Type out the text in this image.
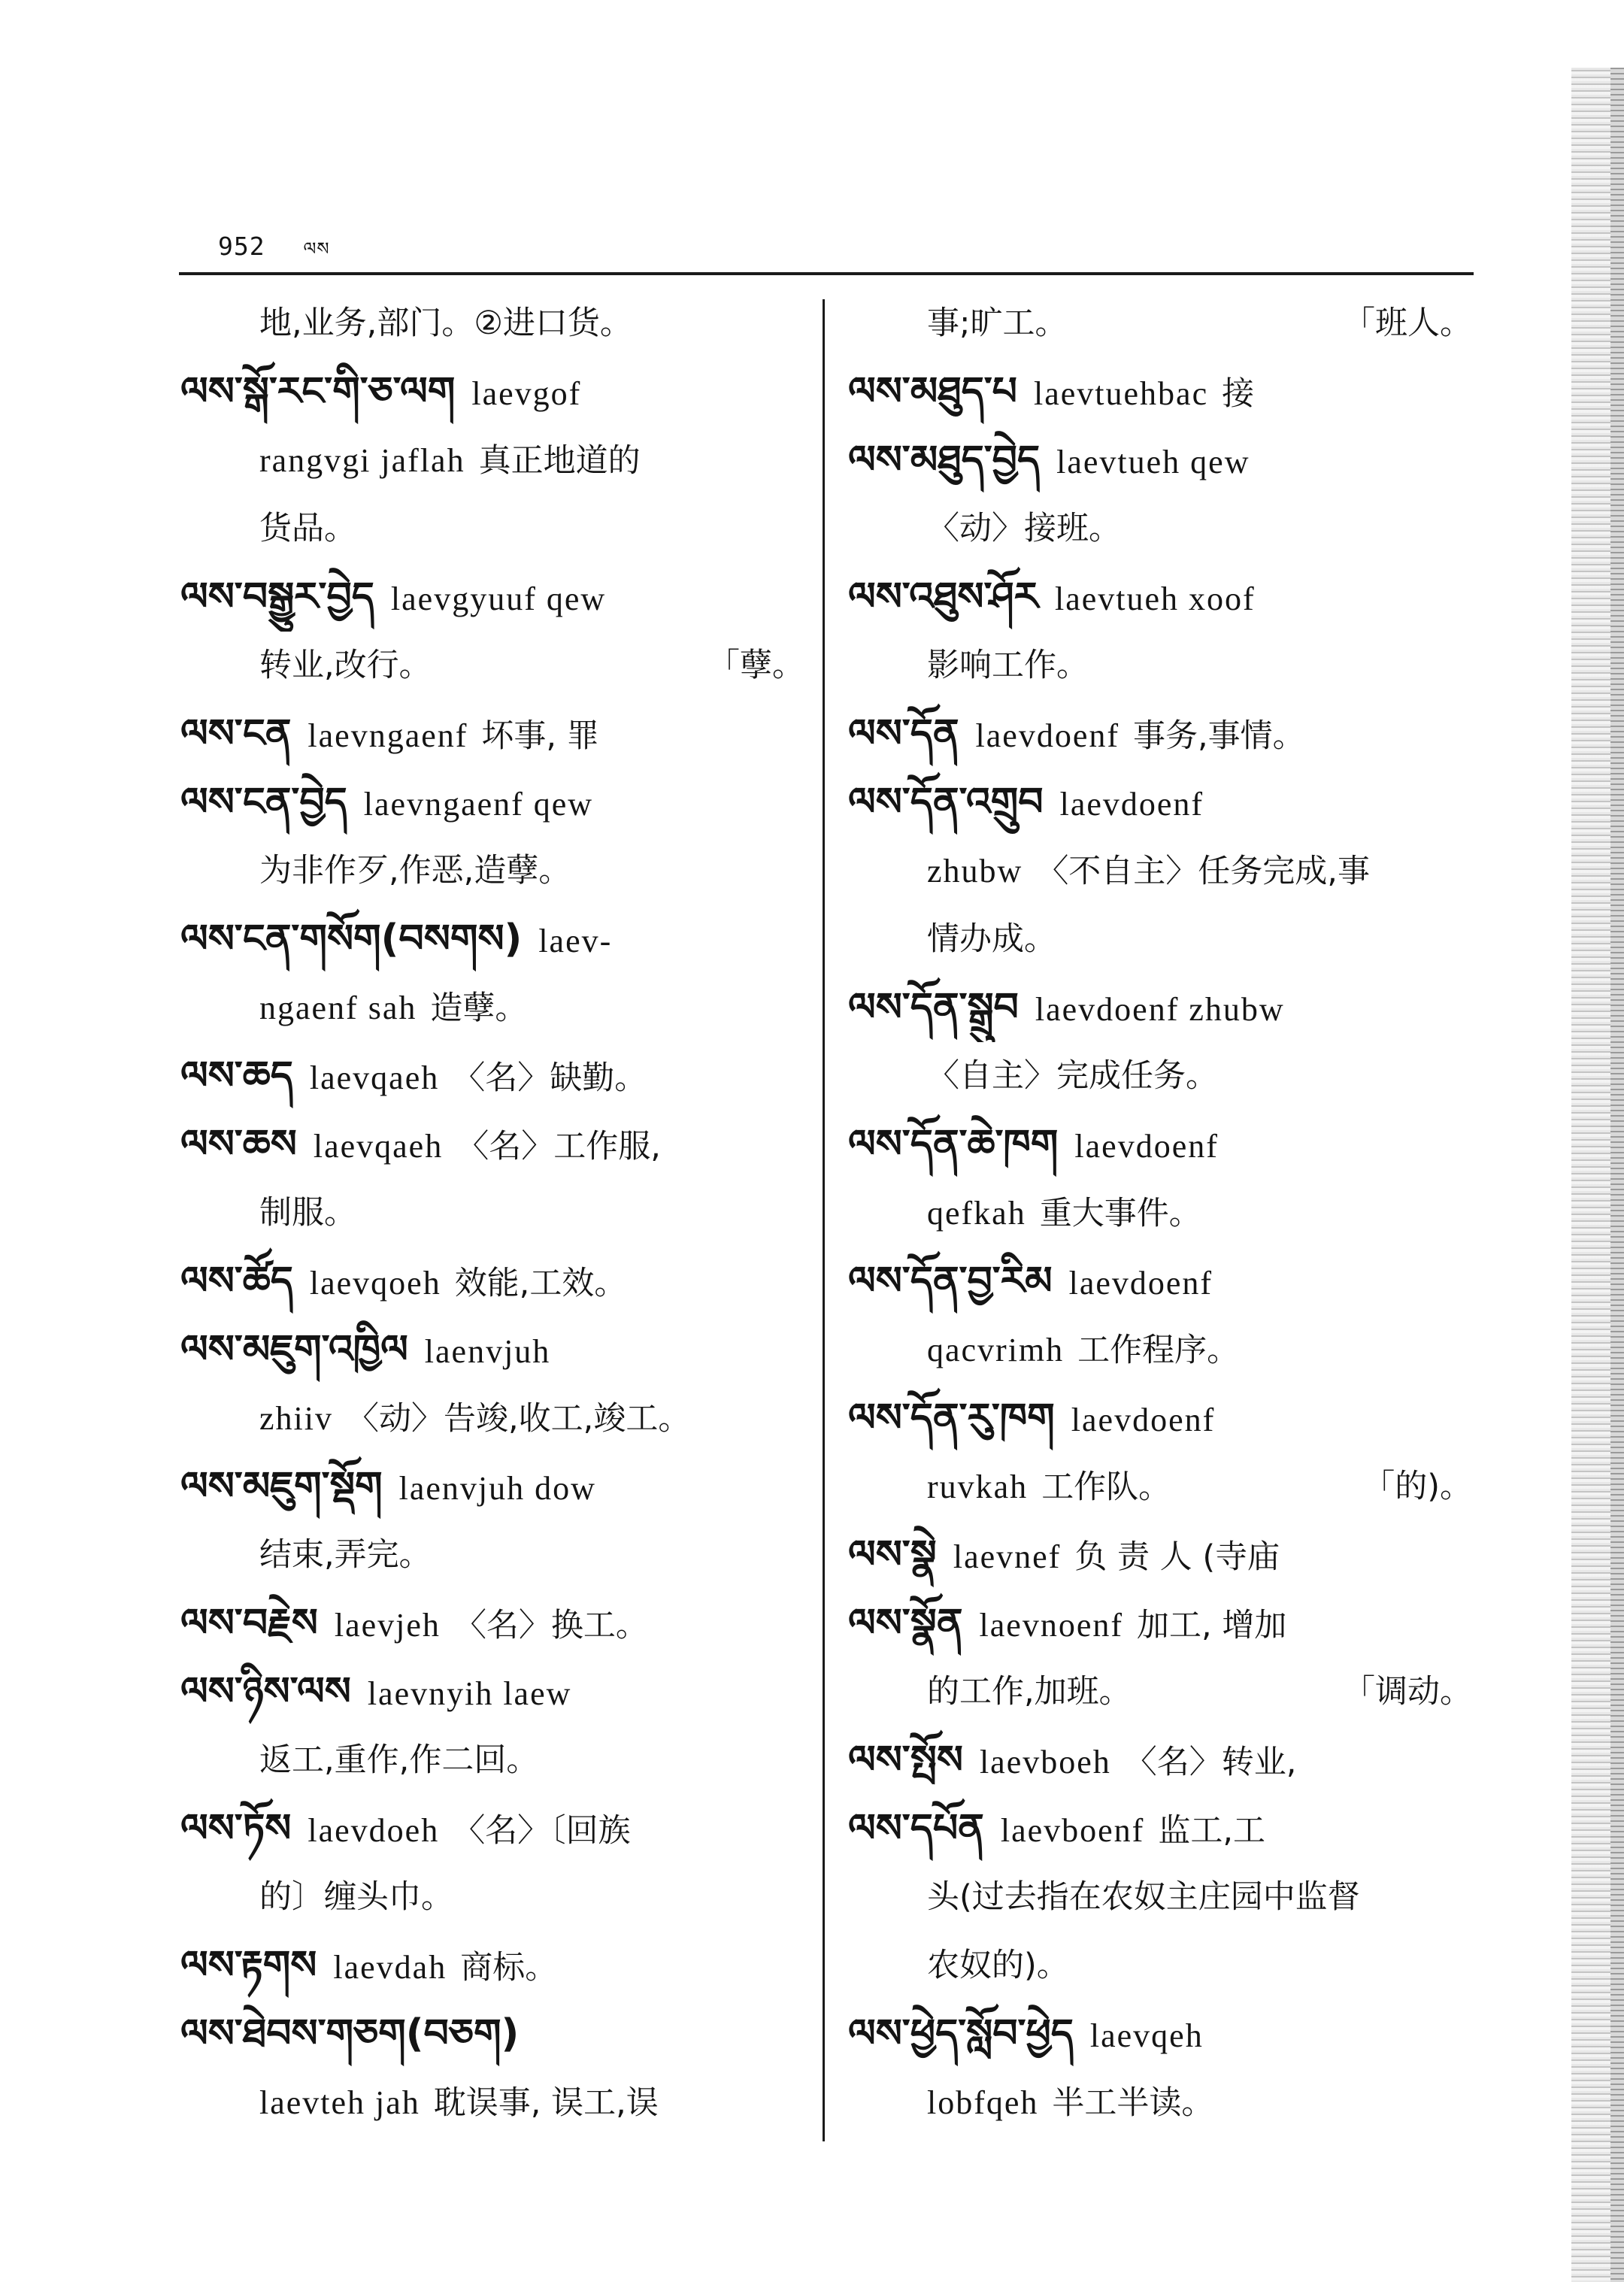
952 ལས
地,业务,部门。②进口货。
ལས་སྒོ་རང་གི་ཅ་ལག laevgof
rangvgi jaflah 真正地道的
货品。
ལས་བསྒྱུར་བྱེད laevgyuuf qew
转业,改行。	「孽。
ལས་ངན laevngaenf 坏事, 罪
ལས་ངན་བྱེད laevngaenf qew
为非作歹,作恶,造孽。
ལས་ངན་གསོག(བསགས) laev-
ngaenf sah 造孽。
ལས་ཆད laevqaeh 〈名〉缺勤。
ལས་ཆས laevqaeh 〈名〉工作服,
制服。
ལས་ཚོད laevqoeh 效能,工效。
ལས་མཇུག་འཁྱིལ laenvjuh
zhiiv 〈动〉告竣,收工,竣工。
ལས་མཇུག་སྡོག laenvjuh dow
结束,弄完。
ལས་བརྗེས laevjeh 〈名〉换工。
ལས་ཉིས་ལས laevnyih laew
返工,重作,作二回。
ལས་ཏོས laevdoeh 〈名〉〔回族
的〕缠头巾。
ལས་རྟགས laevdah 商标。
ལས་ཐེབས་གཅག(བཅག)
laevteh jah 耽误事, 误工,误
事;旷工。	「班人。
ལས་མཐུད་པ laevtuehbac 接
ལས་མཐུད་བྱེད laevtueh qew
〈动〉接班。
ལས་འཐུས་ཤོར laevtueh xoof
影响工作。
ལས་དོན laevdoenf 事务,事情。
ལས་དོན་འགྲུབ laevdoenf
zhubw 〈不自主〉任务完成,事
情办成。
ལས་དོན་སྒྲུབ laevdoenf zhubw
〈自主〉完成任务。
ལས་དོན་ཆེ་ཁག laevdoenf
qefkah 重大事件。
ལས་དོན་བྱ་རིམ laevdoenf
qacvrimh 工作程序。
ལས་དོན་རུ་ཁག laevdoenf
ruvkah 工作队。	「的)。
ལས་སྣེ laevnef 负 责 人 (寺庙
ལས་སྣོན laevnoenf 加工, 增加
的工作,加班。	「调动。
ལས་སྤོས laevboeh 〈名〉转业,
ལས་དཔོན laevboenf 监工,工
头(过去指在农奴主庄园中监督
农奴的)。
ལས་ཕྱེད་སློབ་ཕྱེད laevqeh
lobfqeh 半工半读。
